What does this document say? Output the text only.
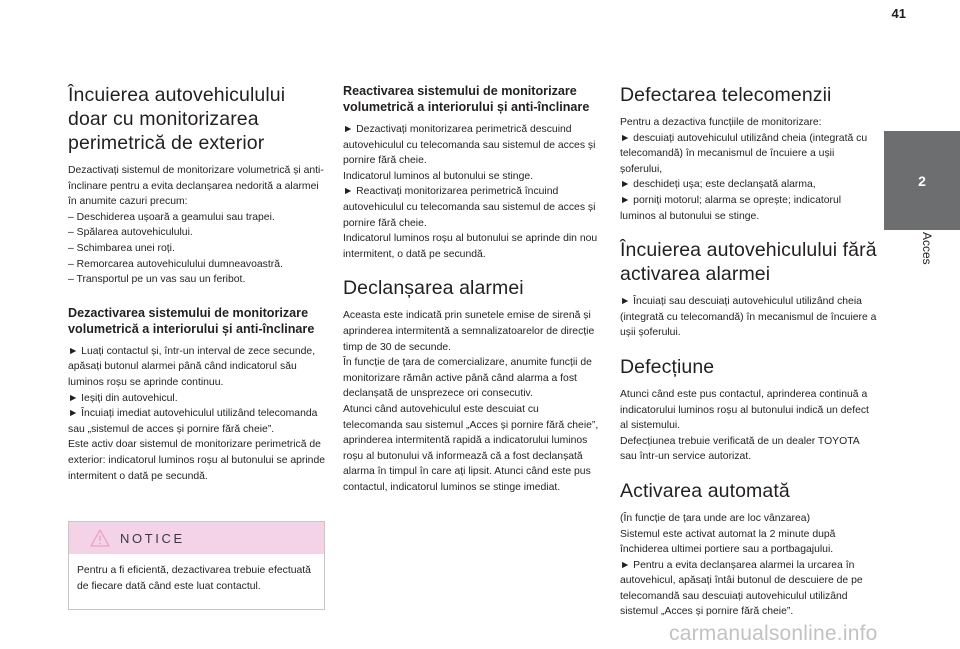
41
2
Acces
Încuierea autovehiculului doar cu monitorizarea perimetrică de exterior

Dezactivați sistemul de monitorizare volumetrică și anti-înclinare pentru a evita declanșarea nedorită a alarmei în anumite cazuri precum:
– Deschiderea ușoară a geamului sau trapei.
– Spălarea autovehiculului.
– Schimbarea unei roți.
– Remorcarea autovehiculului dumneavoastră.
– Transportul pe un vas sau un feribot.

Dezactivarea sistemului de monitorizare volumetrică a interiorului și anti-înclinare

► Luați contactul și, într-un interval de zece secunde, apăsați butonul alarmei până când indicatorul său luminos roșu se aprinde continuu.
► Ieșiți din autovehicul.
► Încuiați imediat autovehiculul utilizând telecomanda sau „sistemul de acces și pornire fără cheie”.
Este activ doar sistemul de monitorizare perimetrică de exterior: indicatorul luminos roșu al butonului se aprinde intermitent o dată pe secundă.

NOTICE

Pentru a fi eficientă, dezactivarea trebuie efectuată de fiecare dată când este luat contactul.

Reactivarea sistemului de monitorizare volumetrică a interiorului și anti-înclinare

► Dezactivați monitorizarea perimetrică descuind autovehiculul cu telecomanda sau sistemul de acces și pornire fără cheie.
Indicatorul luminos al butonului se stinge.
► Reactivați monitorizarea perimetrică încuind autovehiculul cu telecomanda sau sistemul de acces și pornire fără cheie.
Indicatorul luminos roșu al butonului se aprinde din nou intermitent, o dată pe secundă.

Declanșarea alarmei

Aceasta este indicată prin sunetele emise de sirenă și aprinderea intermitentă a semnalizatoarelor de direcție timp de 30 de secunde.
În funcție de țara de comercializare, anumite funcții de monitorizare rămân active până când alarma a fost declanșată de unsprezece ori consecutiv.
Atunci când autovehiculul este descuiat cu telecomanda sau sistemul „Acces și pornire fără cheie”, aprinderea intermitentă rapidă a indicatorului luminos roșu al butonului vă informează că a fost declanșată alarma în timpul în care ați lipsit. Atunci când este pus contactul, indicatorul luminos se stinge imediat.

Defectarea telecomenzii

Pentru a dezactiva funcțiile de monitorizare:
► descuiați autovehiculul utilizând cheia (integrată cu telecomandă) în mecanismul de încuiere a ușii șoferului,
► deschideți ușa; este declanșată alarma,
► porniți motorul; alarma se oprește; indicatorul luminos al butonului se stinge.

Încuierea autovehiculului fără activarea alarmei

► Încuiați sau descuiați autovehiculul utilizând cheia (integrată cu telecomandă) în mecanismul de încuiere a ușii șoferului.

Defecțiune

Atunci când este pus contactul, aprinderea continuă a indicatorului luminos roșu al butonului indică un defect al sistemului.
Defecțiunea trebuie verificată de un dealer TOYOTA sau într-un service autorizat.

Activarea automată

(În funcție de țara unde are loc vânzarea)
Sistemul este activat automat la 2 minute după închiderea ultimei portiere sau a portbagajului.
► Pentru a evita declanșarea alarmei la urcarea în autovehicul, apăsați întâi butonul de descuiere de pe telecomandă sau descuiați autovehiculul utilizând sistemul „Acces și pornire fără cheie”.

carmanualsonline.info
